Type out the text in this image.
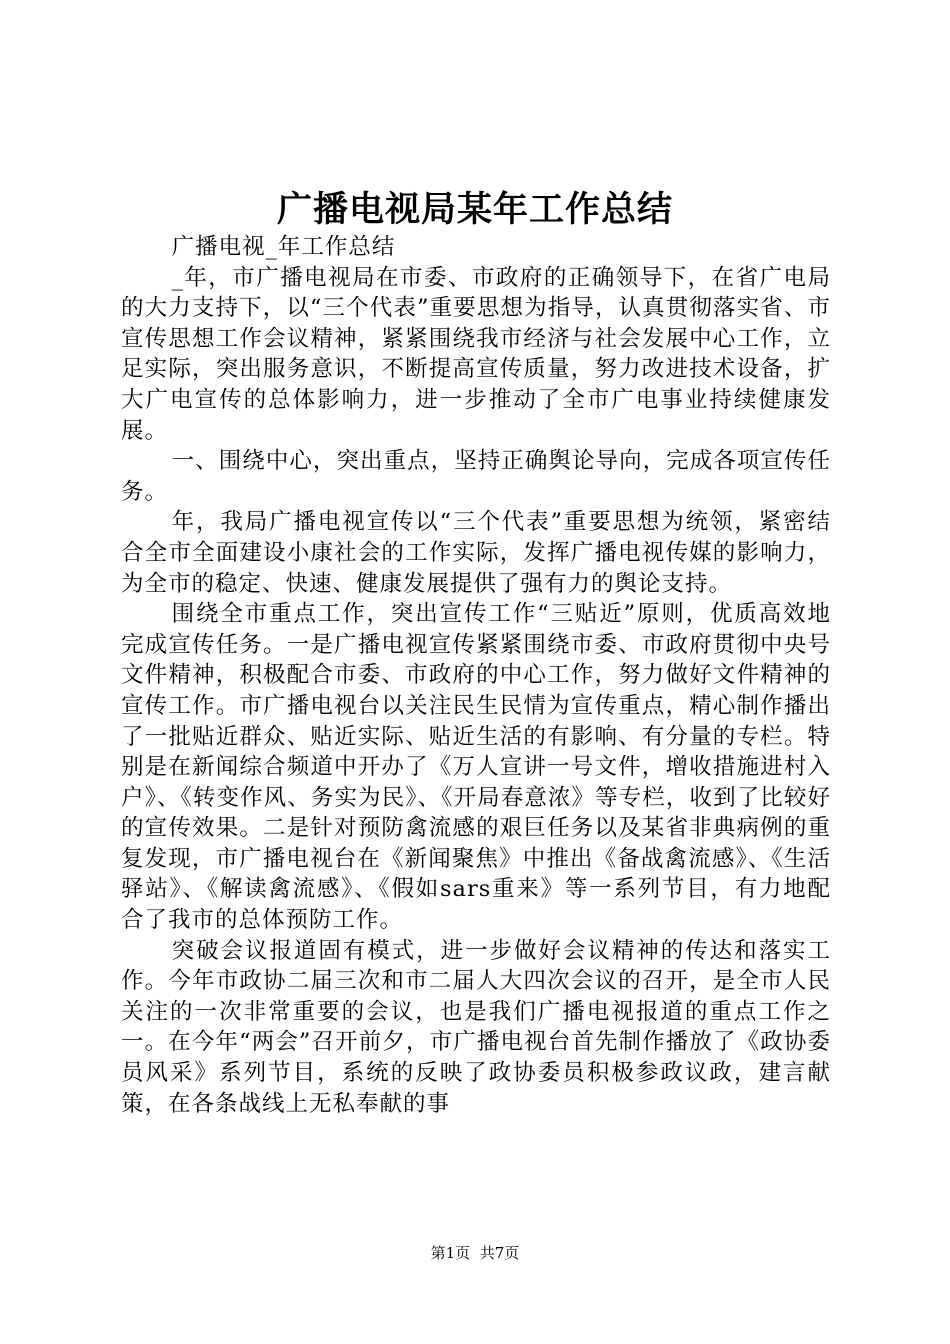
广播电视局某年工作总结

广播电视_年工作总结

_年，市广播电视局在市委、市政府的正确领导下，在省广电局的大力支持下，以“三个代表”重要思想为指导，认真贯彻落实省、市宣传思想工作会议精神，紧紧围绕我市经济与社会发展中心工作，立足实际，突出服务意识，不断提高宣传质量，努力改进技术设备，扩大广电宣传的总体影响力，进一步推动了全市广电事业持续健康发展。

一、围绕中心，突出重点，坚持正确舆论导向，完成各项宣传任务。

年，我局广播电视宣传以“三个代表”重要思想为统领，紧密结合全市全面建设小康社会的工作实际，发挥广播电视传媒的影响力，为全市的稳定、快速、健康发展提供了强有力的舆论支持。

围绕全市重点工作，突出宣传工作“三贴近”原则，优质高效地完成宣传任务。一是广播电视宣传紧紧围绕市委、市政府贯彻中央号文件精神，积极配合市委、市政府的中心工作，努力做好文件精神的宣传工作。市广播电视台以关注民生民情为宣传重点，精心制作播出了一批贴近群众、贴近实际、贴近生活的有影响、有分量的专栏。特别是在新闻综合频道中开办了《万人宣讲一号文件，增收措施进村入户》、《转变作风、务实为民》、《开局春意浓》等专栏，收到了比较好的宣传效果。二是针对预防禽流感的艰巨任务以及某省非典病例的重复发现，市广播电视台在《新闻聚焦》中推出《备战禽流感》、《生活驿站》、《解读禽流感》、《假如sars重来》等一系列节目，有力地配合了我市的总体预防工作。

突破会议报道固有模式，进一步做好会议精神的传达和落实工作。今年市政协二届三次和市二届人大四次会议的召开，是全市人民关注的一次非常重要的会议，也是我们广播电视报道的重点工作之一。在今年“两会”召开前夕，市广播电视台首先制作播放了《政协委员风采》系列节目，系统的反映了政协委员积极参政议政，建言献策，在各条战线上无私奉献的事

第1页 共7页
